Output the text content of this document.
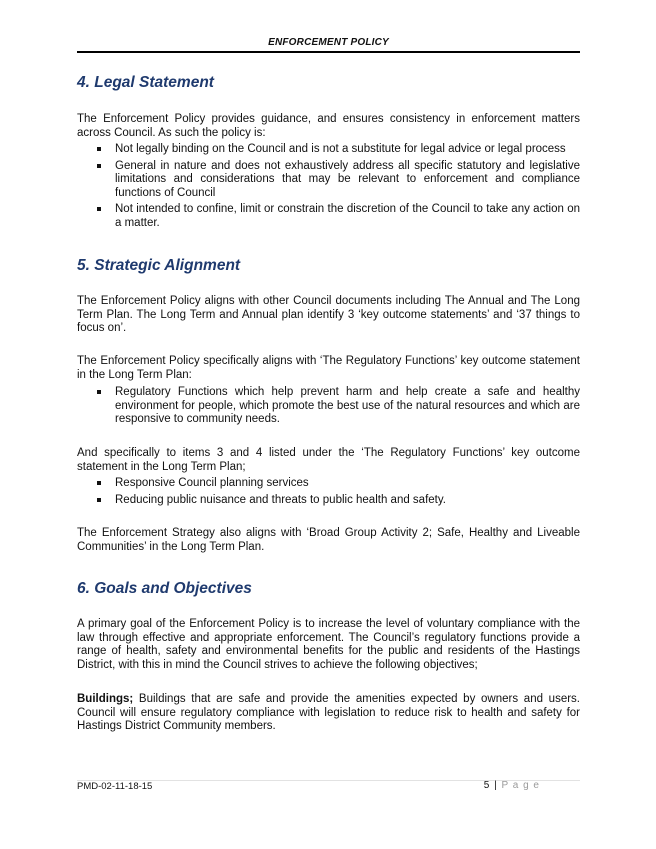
ENFORCEMENT POLICY
4. Legal Statement
The Enforcement Policy provides guidance, and ensures consistency in enforcement matters across Council. As such the policy is:
Not legally binding on the Council and is not a substitute for legal advice or legal process
General in nature and does not exhaustively address all specific statutory and legislative limitations and considerations that may be relevant to enforcement and compliance functions of Council
Not intended to confine, limit or constrain the discretion of the Council to take any action on a matter.
5. Strategic Alignment
The Enforcement Policy aligns with other Council documents including The Annual and The Long Term Plan. The Long Term and Annual plan identify 3 ‘key outcome statements’ and ‘37 things to focus on’.
The Enforcement Policy specifically aligns with ‘The Regulatory Functions’ key outcome statement in the Long Term Plan:
Regulatory Functions which help prevent harm and help create a safe and healthy environment for people, which promote the best use of the natural resources and which are responsive to community needs.
And specifically to items 3 and 4 listed under the ‘The Regulatory Functions’ key outcome statement in the Long Term Plan;
Responsive Council planning services
Reducing public nuisance and threats to public health and safety.
The Enforcement Strategy also aligns with ‘Broad Group Activity 2; Safe, Healthy and Liveable Communities’ in the Long Term Plan.
6. Goals and Objectives
A primary goal of the Enforcement Policy is to increase the level of voluntary compliance with the law through effective and appropriate enforcement. The Council’s regulatory functions provide a range of health, safety and environmental benefits for the public and residents of the Hastings District, with this in mind the Council strives to achieve the following objectives;
Buildings; Buildings that are safe and provide the amenities expected by owners and users. Council will ensure regulatory compliance with legislation to reduce risk to health and safety for Hastings District Community members.
PMD-02-11-18-15	5 | P a g e
